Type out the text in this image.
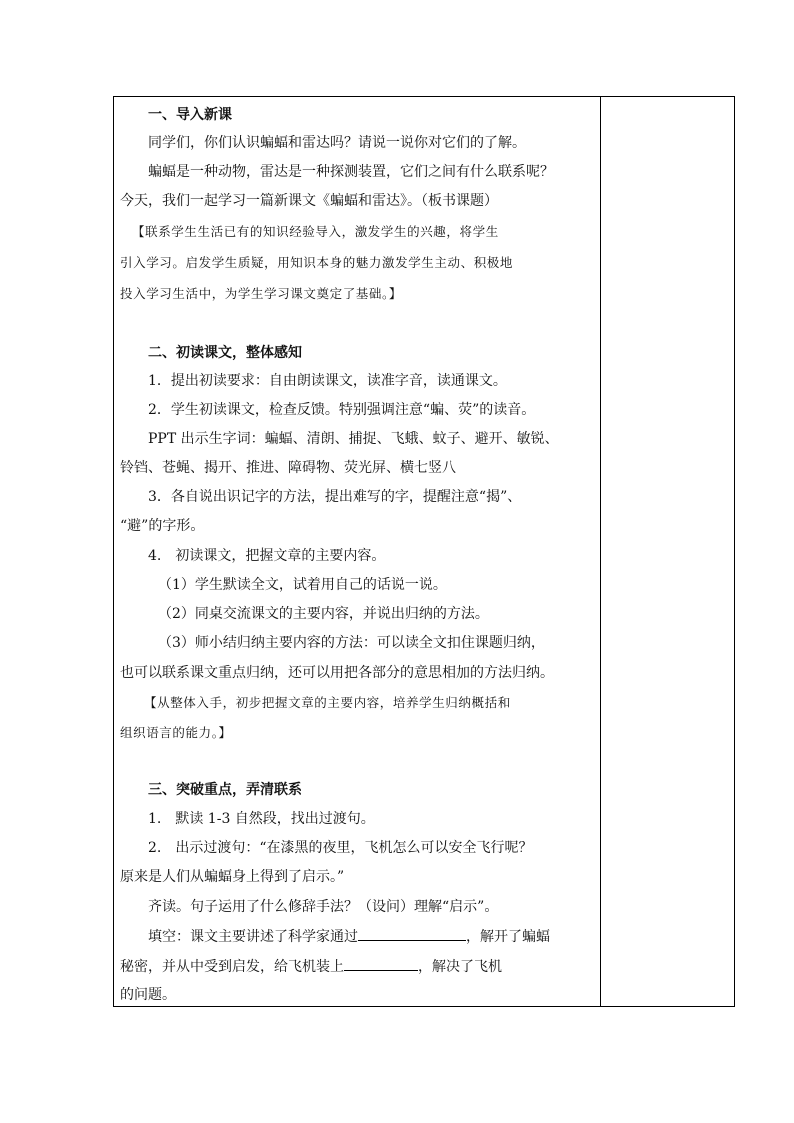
一、导入新课
同学们，你们认识蝙蝠和雷达吗？请说一说你对它们的了解。
蝙蝠是一种动物，雷达是一种探测装置，它们之间有什么联系呢？
今天，我们一起学习一篇新课文《蝙蝠和雷达》。（板书课题）
【联系学生生活已有的知识经验导入，激发学生的兴趣，将学生
引入学习。启发学生质疑，用知识本身的魅力激发学生主动、积极地
投入学习生活中，为学生学习课文奠定了基础。】
二、初读课文，整体感知
1．提出初读要求：自由朗读课文，读准字音，读通课文。
2．学生初读课文，检查反馈。特别强调注意“蝙、荧”的读音。
PPT 出示生字词：蝙蝠、清朗、捕捉、飞蛾、蚊子、避开、敏锐、
铃铛、苍蝇、揭开、推进、障碍物、荧光屏、横七竖八
3．各自说出识记字的方法，提出难写的字，提醒注意“揭”、
“避”的字形。
4.　初读课文，把握文章的主要内容。
（1）学生默读全文，试着用自己的话说一说。
（2）同桌交流课文的主要内容，并说出归纳的方法。
（3）师小结归纳主要内容的方法：可以读全文扣住课题归纳，
也可以联系课文重点归纳，还可以用把各部分的意思相加的方法归纳。
【从整体入手，初步把握文章的主要内容，培养学生归纳概括和
组织语言的能力。】
三、突破重点，弄清联系
1.　默读 1-3 自然段，找出过渡句。
2.　出示过渡句：“在漆黑的夜里，飞机怎么可以安全飞行呢？
原来是人们从蝙蝠身上得到了启示。”
齐读。句子运用了什么修辞手法？（设问）理解“启示”。
填空：课文主要讲述了科学家通过	，解开了蝙蝠
秘密，并从中受到启发，给飞机装上	，解决了飞机
的问题。
